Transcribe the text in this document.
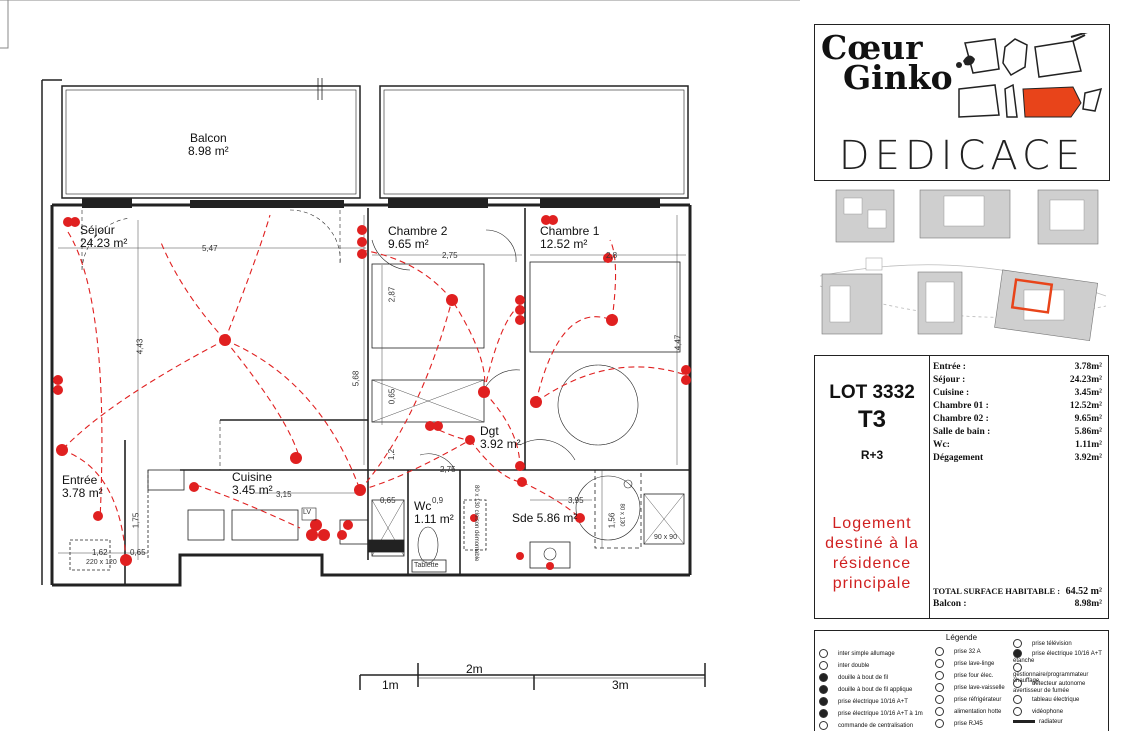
Balcon
8.98 m²
Séjour
24.23 m²
Chambre 2
9.65 m²
Chambre 1
12.52 m²
Dgt
3.92 m²
Cuisine
3.45 m²
Entrée
3.78 m²
Wc
1.11 m²	Sde 5.86 m²
5,47
2,75	2,8
2,87
4,43
5,68
4,47
0,65
1,2
2,75
3,15
0,65	0,9	3,95
1,75
1,62	0,65
1,56
220 x 120
80 x 130 cloison démontable	80 x 130
90 x 90
LV
Tablette
1m
2m
3m
Cœur
Ginko
DEDICACE
LOT 3332
T3
R+3
Logement
destiné à la
résidence
principale
Entrée :	3.78m²
Séjour :	24.23m²
Cuisine :	3.45m²
Chambre 01 :	12.52m²
Chambre 02 :	9.65m²
Salle de bain :	5.86m²
Wc:	1.11m²
Dégagement	3.92m²
TOTAL SURFACE HABITABLE : 64.52 m²
Balcon :	8.98m²
Légende
inter simple allumage
inter double
douille à bout de fil
douille à bout de fil applique
prise électrique 10/16 A+T
prise électrique 10/16 A+T à 1m
commande de centralisation
prise 32 A
prise lave-linge
prise four élec.
prise lave-vaisselle
prise réfrigérateur
alimentation hotte
prise RJ45
prise télévision
prise électrique 10/16 A+T étanche
gestionnaire/programmateur chauffage
détecteur autonome avertisseur de fumée
tableau électrique
vidéophone
radiateur
